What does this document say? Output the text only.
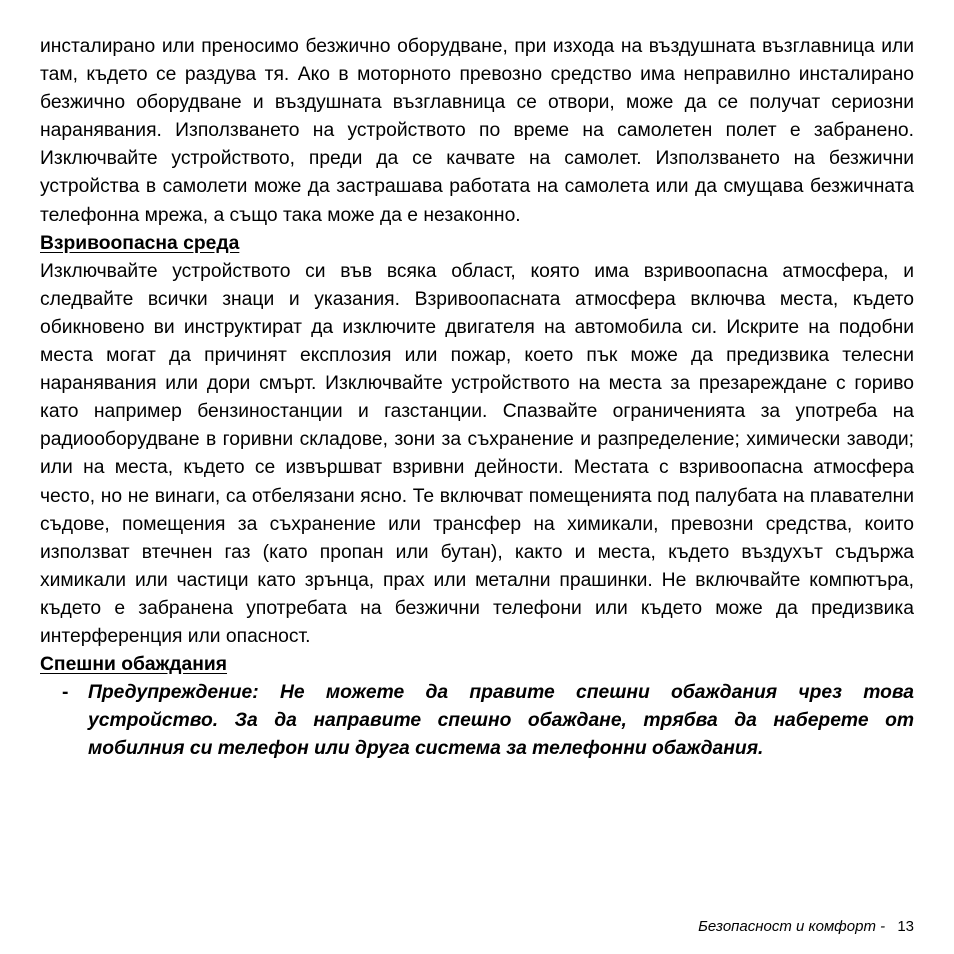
инсталирано или преносимо безжично оборудване, при изхода на въздушната възглавница или там, където се раздува тя. Ако в моторното превозно средство има неправилно инсталирано безжично оборудване и въздушната възглавница се отвори, може да се получат сериозни наранявания. Използването на устройството по време на самолетен полет е забранено. Изключвайте устройството, преди да се качвате на самолет. Използването на безжични устройства в самолети може да застрашава работата на самолета или да смущава безжичната телефонна мрежа, а също така може да е незаконно.

Взривоопасна среда

Изключвайте устройството си във всяка област, която има взривоопасна атмосфера, и следвайте всички знаци и указания. Взривоопасната атмосфера включва места, където обикновено ви инструктират да изключите двигателя на автомобила си. Искрите на подобни места могат да причинят експлозия или пожар, което пък може да предизвика телесни наранявания или дори смърт. Изключвайте устройството на места за презареждане с гориво като например бензиностанции и газстанции. Спазвайте ограниченията за употреба на радиооборудване в горивни складове, зони за съхранение и разпределение; химически заводи; или на места, където се извършват взривни дейности. Местата с взривоопасна атмосфера често, но не винаги, са отбелязани ясно. Те включват помещенията под палубата на плавателни съдове, помещения за съхранение или трансфер на химикали, превозни средства, които използват втечнен газ (като пропан или бутан), както и места, където въздухът съдържа химикали или частици като зрънца, прах или метални прашинки. Не включвайте компютъра, където е забранена употребата на безжични телефони или където може да предизвика интерференция или опасност.

Спешни обаждания
- Предупреждение: Не можете да правите спешни обаждания чрез това устройство. За да направите спешно обаждане, трябва да наберете от мобилния си телефон или друга система за телефонни обаждания.

Безопасност и комфорт - 13
